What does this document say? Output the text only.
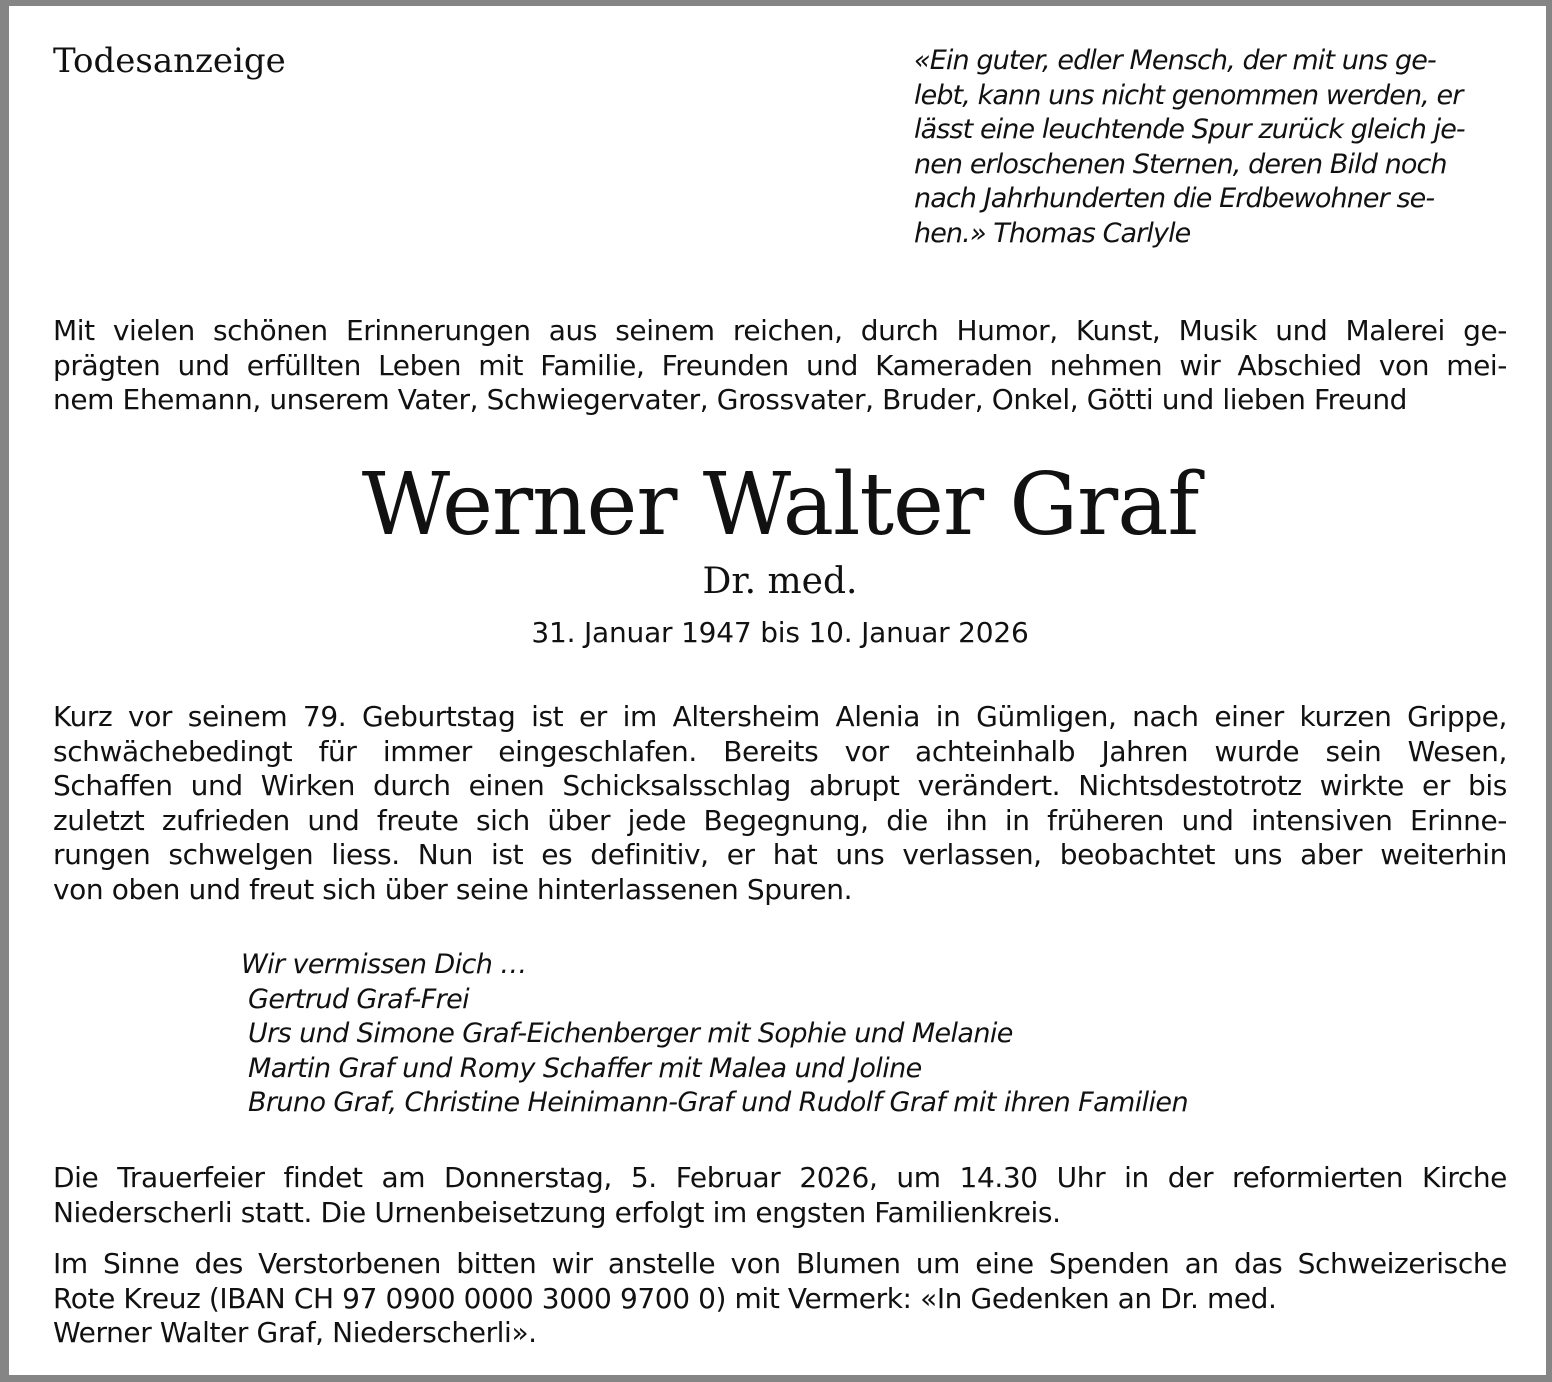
Todesanzeige	«Ein guter, edler Mensch, der mit uns ge-
lebt, kann uns nicht genommen werden, er
lässt eine leuchtende Spur zurück gleich je-
nen erloschenen Sternen, deren Bild noch
nach Jahrhunderten die Erdbewohner se-
hen.» Thomas Carlyle
Mit vielen schönen Erinnerungen aus seinem reichen, durch Humor, Kunst, Musik und Malerei ge-
prägten und erfüllten Leben mit Familie, Freunden und Kameraden nehmen wir Abschied von mei-
nem Ehemann, unserem Vater, Schwiegervater, Grossvater, Bruder, Onkel, Götti und lieben Freund
Werner Walter Graf
Dr. med.
31. Januar 1947 bis 10. Januar 2026
Kurz vor seinem 79. Geburtstag ist er im Altersheim Alenia in Gümligen, nach einer kurzen Grippe,
schwächebedingt für immer eingeschlafen. Bereits vor achteinhalb Jahren wurde sein Wesen,
Schaffen und Wirken durch einen Schicksalsschlag abrupt verändert. Nichtsdestotrotz wirkte er bis
zuletzt zufrieden und freute sich über jede Begegnung, die ihn in früheren und intensiven Erinne-
rungen schwelgen liess. Nun ist es definitiv, er hat uns verlassen, beobachtet uns aber weiterhin
von oben und freut sich über seine hinterlassenen Spuren.
Wir vermissen Dich …
Gertrud Graf-Frei
Urs und Simone Graf-Eichenberger mit Sophie und Melanie
Martin Graf und Romy Schaffer mit Malea und Joline
Bruno Graf, Christine Heinimann-Graf und Rudolf Graf mit ihren Familien
Die Trauerfeier findet am Donnerstag, 5. Februar 2026, um 14.30 Uhr in der reformierten Kirche
Niederscherli statt. Die Urnenbeisetzung erfolgt im engsten Familienkreis.
Im Sinne des Verstorbenen bitten wir anstelle von Blumen um eine Spenden an das Schweizerische
Rote Kreuz (IBAN CH 97 0900 0000 3000 9700 0) mit Vermerk: «In Gedenken an Dr. med.
Werner Walter Graf, Niederscherli».
